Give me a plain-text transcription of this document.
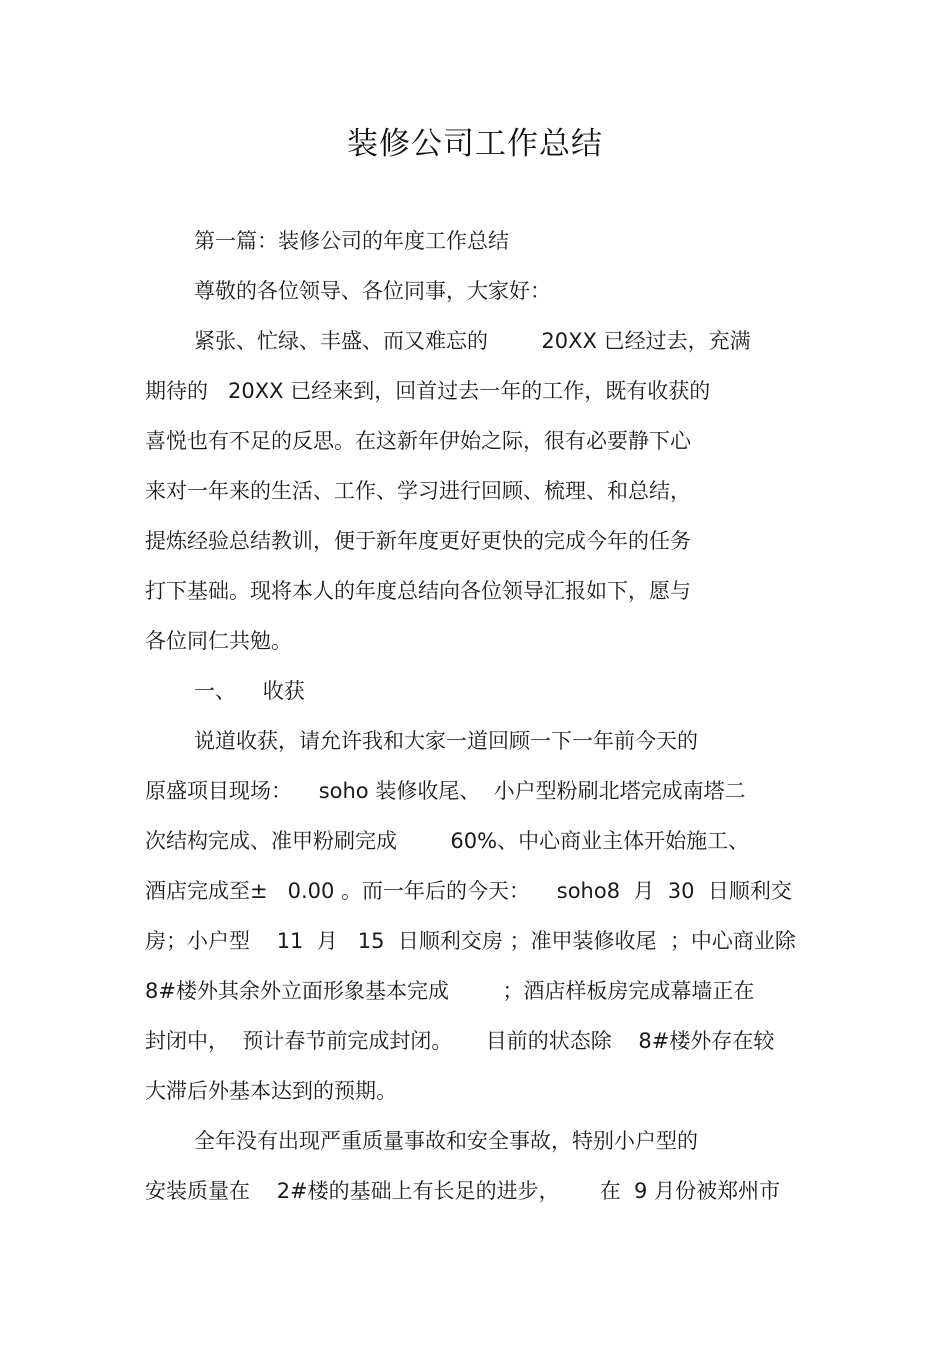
装修公司工作总结

第一篇：装修公司的年度工作总结

尊敬的各位领导、各位同事，大家好：

紧张、忙绿、丰盛、而又难忘的        20XX 已经过去，充满

期待的   20XX 已经来到，回首过去一年的工作，既有收获的

喜悦也有不足的反思。在这新年伊始之际，很有必要静下心

来对一年来的生活、工作、学习进行回顾、梳理、和总结，

提炼经验总结教训，便于新年度更好更快的完成今年的任务

打下基础。现将本人的年度总结向各位领导汇报如下，愿与

各位同仁共勉。

一、    收获

说道收获，请允许我和大家一道回顾一下一年前今天的

原盛项目现场：    soho 装修收尾、  小户型粉刷北塔完成南塔二

次结构完成、准甲粉刷完成        60%、中心商业主体开始施工、

酒店完成至±   0.00 。而一年后的今天：    soho8  月  30  日顺利交

房；小户型    11  月   15  日顺利交房 ；准甲装修收尾  ；中心商业除

8#楼外其余外立面形象基本完成        ；酒店样板房完成幕墙正在

封闭中，  预计春节前完成封闭。     目前的状态除    8#楼外存在较

大滞后外基本达到的预期。

全年没有出现严重质量事故和安全事故，特别小户型的

安装质量在    2#楼的基础上有长足的进步，      在  9 月份被郑州市
